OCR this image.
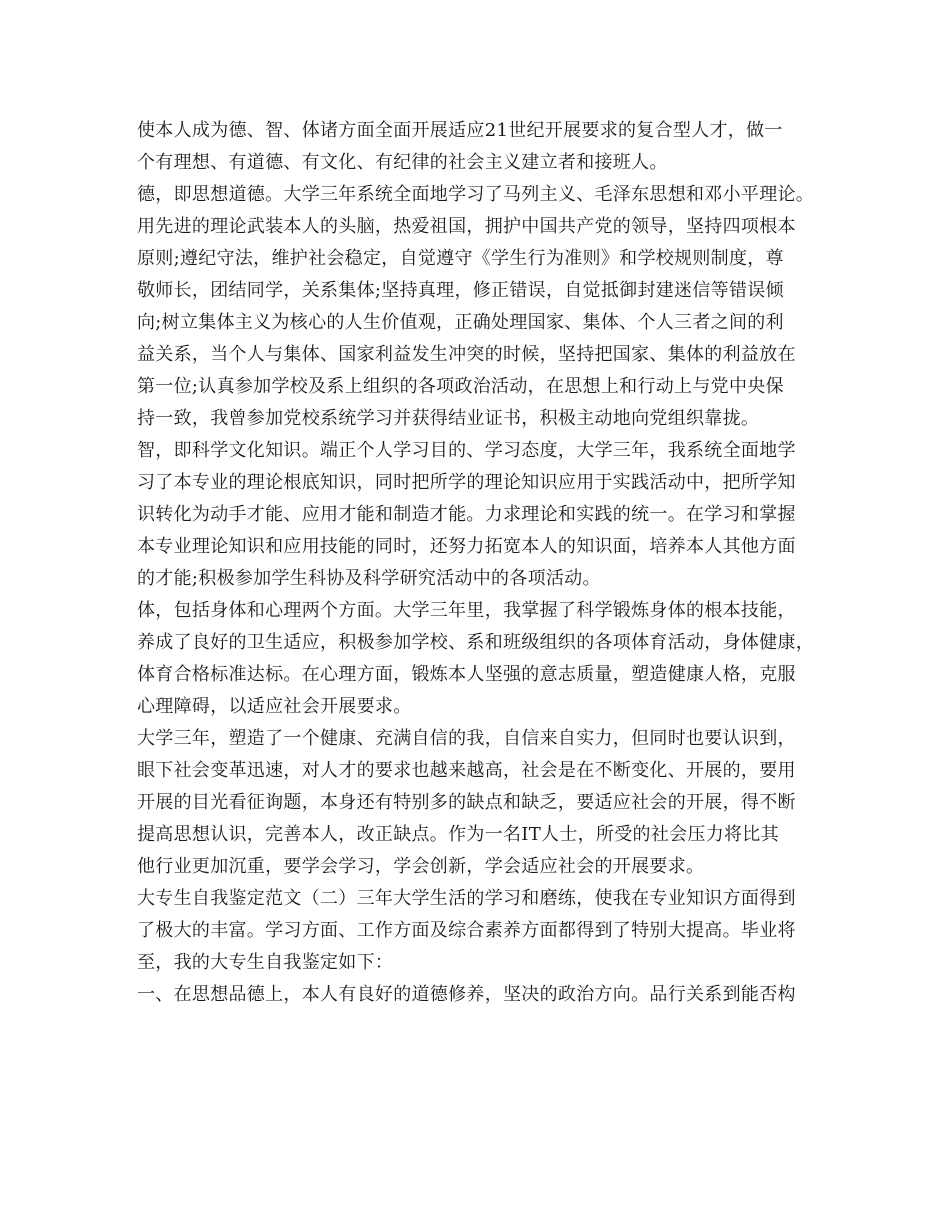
使本人成为德、智、体诸方面全面开展适应21世纪开展要求的复合型人才，做一
个有理想、有道德、有文化、有纪律的社会主义建立者和接班人。
德，即思想道德。大学三年系统全面地学习了马列主义、毛泽东思想和邓小平理论。
用先进的理论武装本人的头脑，热爱祖国，拥护中国共产党的领导，坚持四项根本
原则;遵纪守法，维护社会稳定，自觉遵守《学生行为准则》和学校规则制度，尊
敬师长，团结同学，关系集体;坚持真理，修正错误，自觉抵御封建迷信等错误倾
向;树立集体主义为核心的人生价值观，正确处理国家、集体、个人三者之间的利
益关系，当个人与集体、国家利益发生冲突的时候，坚持把国家、集体的利益放在
第一位;认真参加学校及系上组织的各项政治活动，在思想上和行动上与党中央保
持一致，我曾参加党校系统学习并获得结业证书，积极主动地向党组织靠拢。
智，即科学文化知识。端正个人学习目的、学习态度，大学三年，我系统全面地学
习了本专业的理论根底知识，同时把所学的理论知识应用于实践活动中，把所学知
识转化为动手才能、应用才能和制造才能。力求理论和实践的统一。在学习和掌握
本专业理论知识和应用技能的同时，还努力拓宽本人的知识面，培养本人其他方面
的才能;积极参加学生科协及科学研究活动中的各项活动。
体，包括身体和心理两个方面。大学三年里，我掌握了科学锻炼身体的根本技能，
养成了良好的卫生适应，积极参加学校、系和班级组织的各项体育活动，身体健康，
体育合格标准达标。在心理方面，锻炼本人坚强的意志质量，塑造健康人格，克服
心理障碍，以适应社会开展要求。
大学三年，塑造了一个健康、充满自信的我，自信来自实力，但同时也要认识到，
眼下社会变革迅速，对人才的要求也越来越高，社会是在不断变化、开展的，要用
开展的目光看征询题，本身还有特别多的缺点和缺乏，要适应社会的开展，得不断
提高思想认识，完善本人，改正缺点。作为一名IT人士，所受的社会压力将比其
他行业更加沉重，要学会学习，学会创新，学会适应社会的开展要求。
大专生自我鉴定范文（二）三年大学生活的学习和磨练，使我在专业知识方面得到
了极大的丰富。学习方面、工作方面及综合素养方面都得到了特别大提高。毕业将
至，我的大专生自我鉴定如下：
一、在思想品德上，本人有良好的道德修养，坚决的政治方向。品行关系到能否构
